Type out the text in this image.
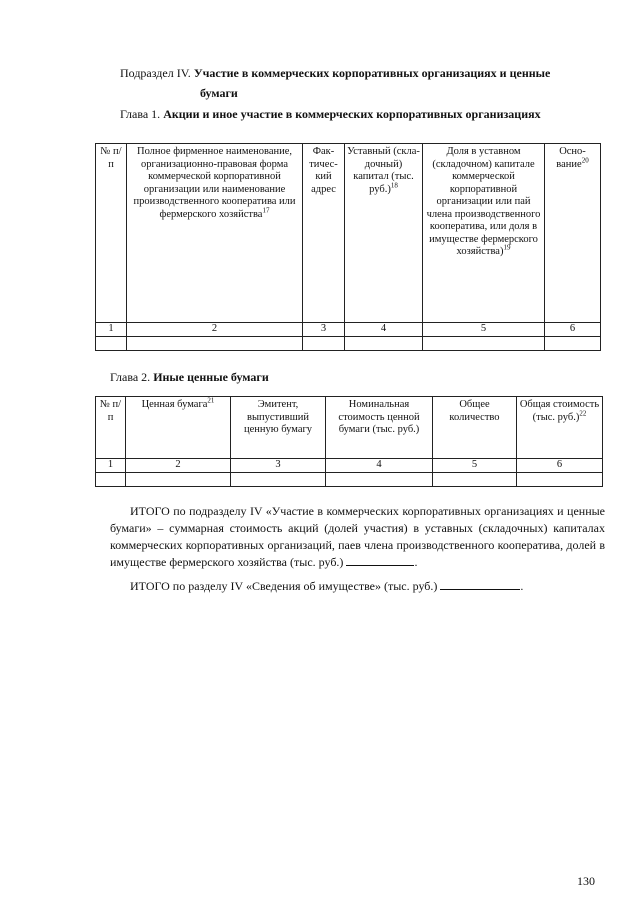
Подраздел IV. Участие в коммерческих корпоративных организациях и ценные
бумаги
Глава 1. Акции и иное участие в коммерческих корпоративных организациях
№ п/п	Полное фирменное наименование, организационно-правовая форма коммерческой корпоративной организации или наименование производственного кооператива или фермерского хозяйства$^{17}$	Фак-тичес-кий адрес	Уставный (скла-дочный) капитал (тыс. руб.)$^{18}$	Доля в уставном (складочном) капитале коммерческой корпоративной организации или пай члена производственного кооператива, или доля в имуществе фермерского хозяйства)$^{19}$	Осно-вание$^{20}$
1	2	3	4	5	6

Глава 2. Иные ценные бумаги
№ п/п	Ценная бумага$^{21}$	Эмитент, выпустивший ценную бумагу	Номинальная стоимость ценной бумаги (тыс. руб.)	Общее количество	Общая стоимость (тыс. руб.)$^{22}$
1	2	3	4	5	6

ИТОГО по подразделу IV «Участие в коммерческих корпоративных организациях и ценные бумаги» – суммарная стоимость акций (долей участия) в уставных (складочных) капиталах коммерческих корпоративных организаций, паев члена производственного кооператива, долей в имуществе фермерского хозяйства (тыс. руб.)	.
ИТОГО по разделу IV «Сведения об имуществе» (тыс. руб.)	.
130
